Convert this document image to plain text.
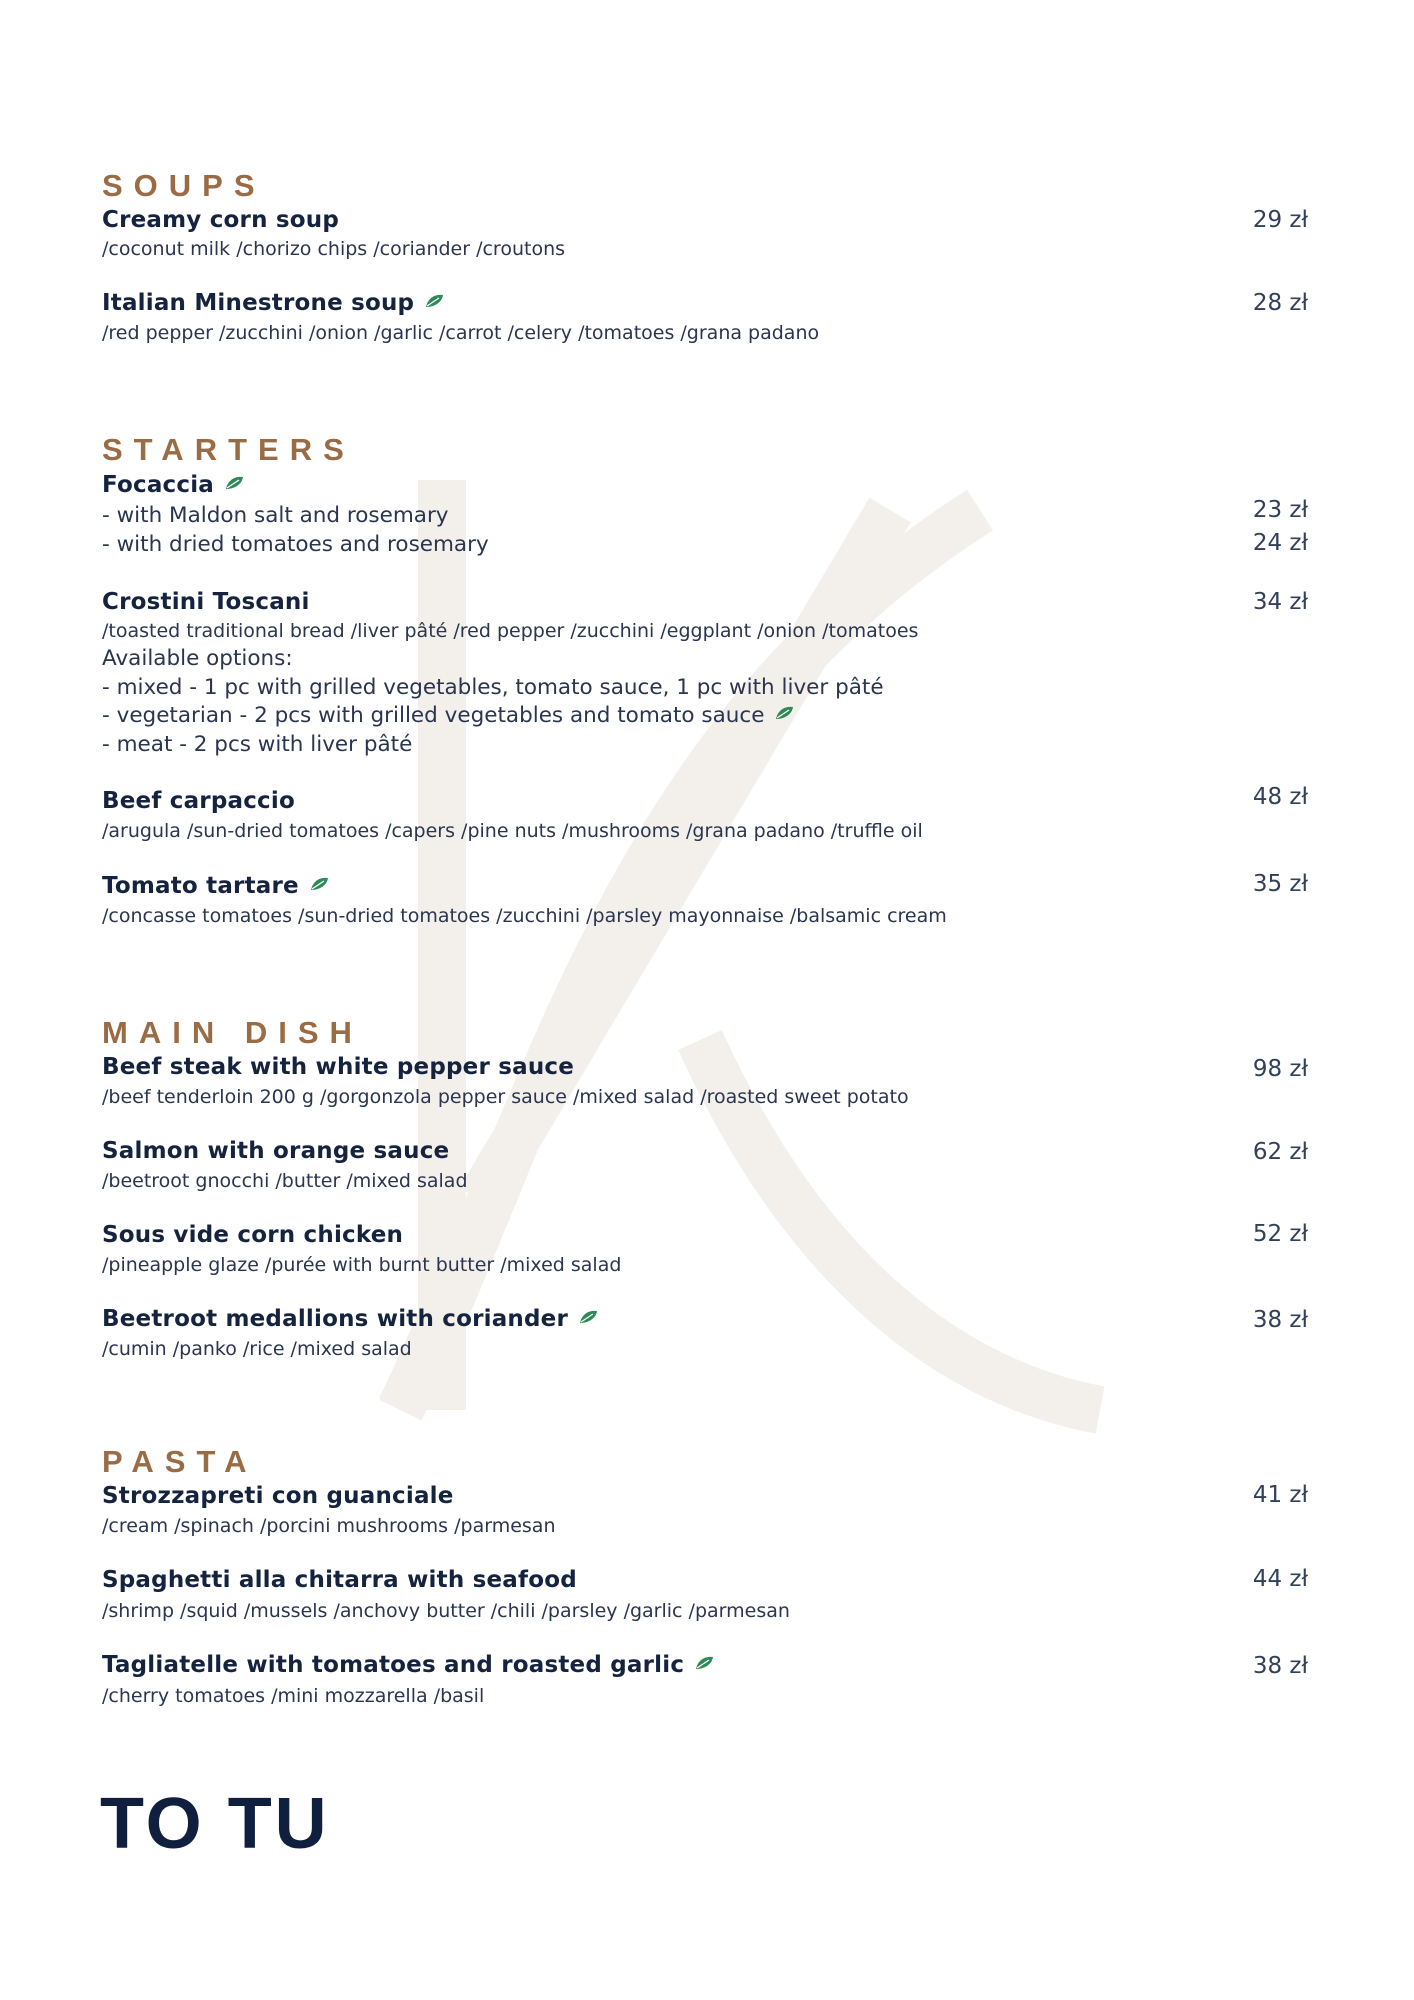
SOUPS
Creamy corn soup	29 zł
/coconut milk /chorizo chips /coriander /croutons
Italian Minestrone soup	28 zł
/red pepper /zucchini /onion /garlic /carrot /celery /tomatoes /grana padano
STARTERS
Focaccia
- with Maldon salt and rosemary	23 zł
- with dried tomatoes and rosemary	24 zł
Crostini Toscani	34 zł
/toasted traditional bread /liver pâté /red pepper /zucchini /eggplant /onion /tomatoes
Available options:
- mixed - 1 pc with grilled vegetables, tomato sauce, 1 pc with liver pâté
- vegetarian - 2 pcs with grilled vegetables and tomato sauce
- meat - 2 pcs with liver pâté
Beef carpaccio	48 zł
/arugula /sun-dried tomatoes /capers /pine nuts /mushrooms /grana padano /truffle oil
Tomato tartare	35 zł
/concasse tomatoes /sun-dried tomatoes /zucchini /parsley mayonnaise /balsamic cream
MAIN DISH
Beef steak with white pepper sauce	98 zł
/beef tenderloin 200 g /gorgonzola pepper sauce /mixed salad /roasted sweet potato
Salmon with orange sauce	62 zł
/beetroot gnocchi /butter /mixed salad
Sous vide corn chicken	52 zł
/pineapple glaze /purée with burnt butter /mixed salad
Beetroot medallions with coriander	38 zł
/cumin /panko /rice /mixed salad
PASTA
Strozzapreti con guanciale	41 zł
/cream /spinach /porcini mushrooms /parmesan
Spaghetti alla chitarra with seafood	44 zł
/shrimp /squid /mussels /anchovy butter /chili /parsley /garlic /parmesan
Tagliatelle with tomatoes and roasted garlic	38 zł
/cherry tomatoes /mini mozzarella /basil
TO TU
